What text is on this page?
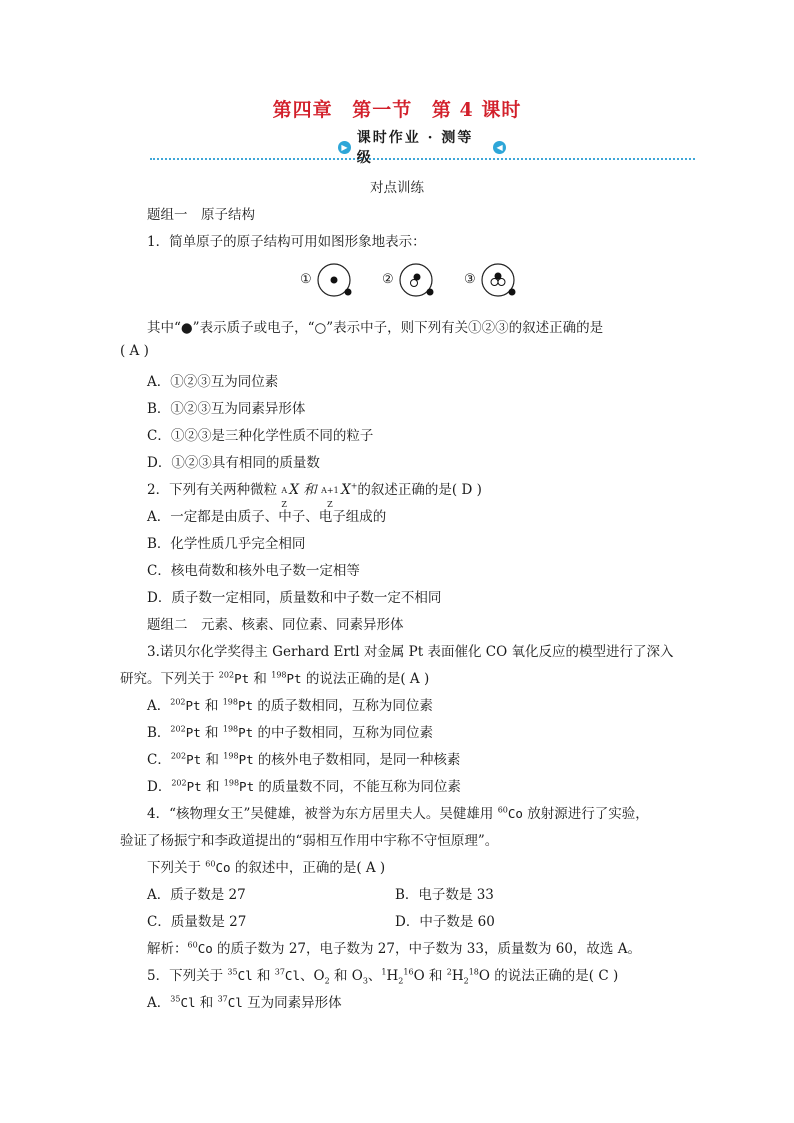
第四章 第一节 第 4 课时
▶
课时作业 · 测等级
◀
对点训练
题组一　原子结构
1．简单原子的原子结构可用如图形象地表示：
①	②	③
其中“●”表示质子或电子，“○”表示中子，则下列有关①②③的叙述正确的是
( A )
A．①②③互为同位素
B．①②③互为同素异形体
C．①②③是三种化学性质不同的粒子
D．①②③具有相同的质量数
2．下列有关两种微粒 A
Z
X 和 A+1
Z
X+的叙述正确的是( D )
A．一定都是由质子、中子、电子组成的
B．化学性质几乎完全相同
C．核电荷数和核外电子数一定相等
D．质子数一定相同，质量数和中子数一定不相同
题组二　元素、核素、同位素、同素异形体
3.诺贝尔化学奖得主 Gerhard Ertl 对金属 Pt 表面催化 CO 氧化反应的模型进行了深入
研究。下列关于 $^{202}$Pt 和 $^{198}$Pt 的说法正确的是( A )
A．$^{202}$Pt 和 $^{198}$Pt 的质子数相同，互称为同位素
B．$^{202}$Pt 和 $^{198}$Pt 的中子数相同，互称为同位素
C．$^{202}$Pt 和 $^{198}$Pt 的核外电子数相同，是同一种核素
D．$^{202}$Pt 和 $^{198}$Pt 的质量数不同，不能互称为同位素
4．“核物理女王”吴健雄，被誉为东方居里夫人。吴健雄用 $^{60}$Co 放射源进行了实验，
验证了杨振宁和李政道提出的“弱相互作用中宇称不守恒原理”。
下列关于 $^{60}$Co 的叙述中，正确的是( A )
A．质子数是 27	B．电子数是 33
C．质量数是 27	D．中子数是 60
解析：$^{60}$Co 的质子数为 27，电子数为 27，中子数为 33，质量数为 60，故选 A。
5．下列关于 $^{35}$Cl 和 $^{37}$Cl、$O_2$ 和 $O_3$、$^1H_2^{16}O$ 和 $^2H_2^{18}O$ 的说法正确的是( C )
A．$^{35}$Cl 和 $^{37}$Cl 互为同素异形体
